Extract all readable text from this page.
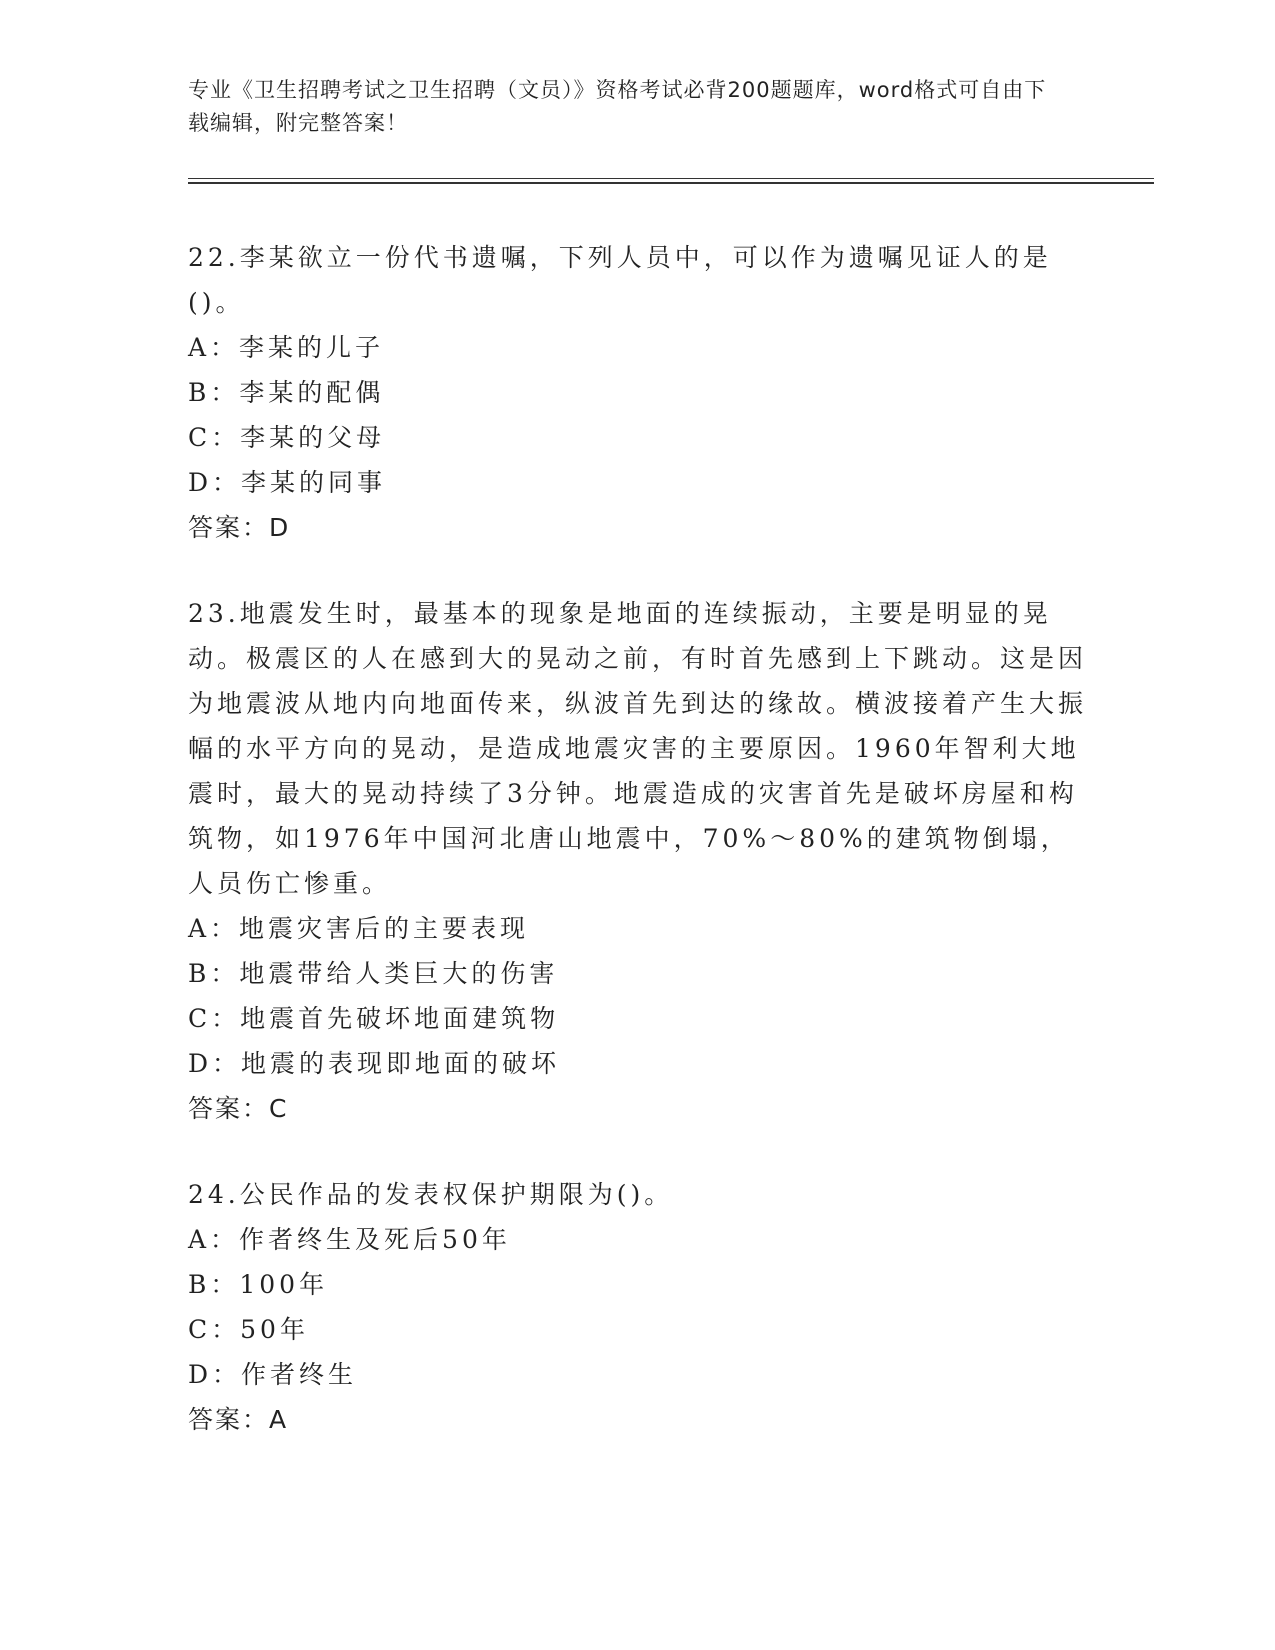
专业《卫生招聘考试之卫生招聘（文员）》资格考试必背200题题库，word格式可自由下载编辑，附完整答案！

22.李某欲立一份代书遗嘱，下列人员中，可以作为遗嘱见证人的是()。

A：李某的儿子

B：李某的配偶

C：李某的父母

D：李某的同事

答案：D

23.地震发生时，最基本的现象是地面的连续振动，主要是明显的晃动。极震区的人在感到大的晃动之前，有时首先感到上下跳动。这是因为地震波从地内向地面传来，纵波首先到达的缘故。横波接着产生大振幅的水平方向的晃动，是造成地震灾害的主要原因。1960年智利大地震时，最大的晃动持续了3分钟。地震造成的灾害首先是破坏房屋和构筑物，如1976年中国河北唐山地震中，70%～80%的建筑物倒塌，人员伤亡惨重。

A：地震灾害后的主要表现

B：地震带给人类巨大的伤害

C：地震首先破坏地面建筑物

D：地震的表现即地面的破坏

答案：C

24.公民作品的发表权保护期限为()。

A：作者终生及死后50年

B：100年

C：50年

D：作者终生

答案：A
